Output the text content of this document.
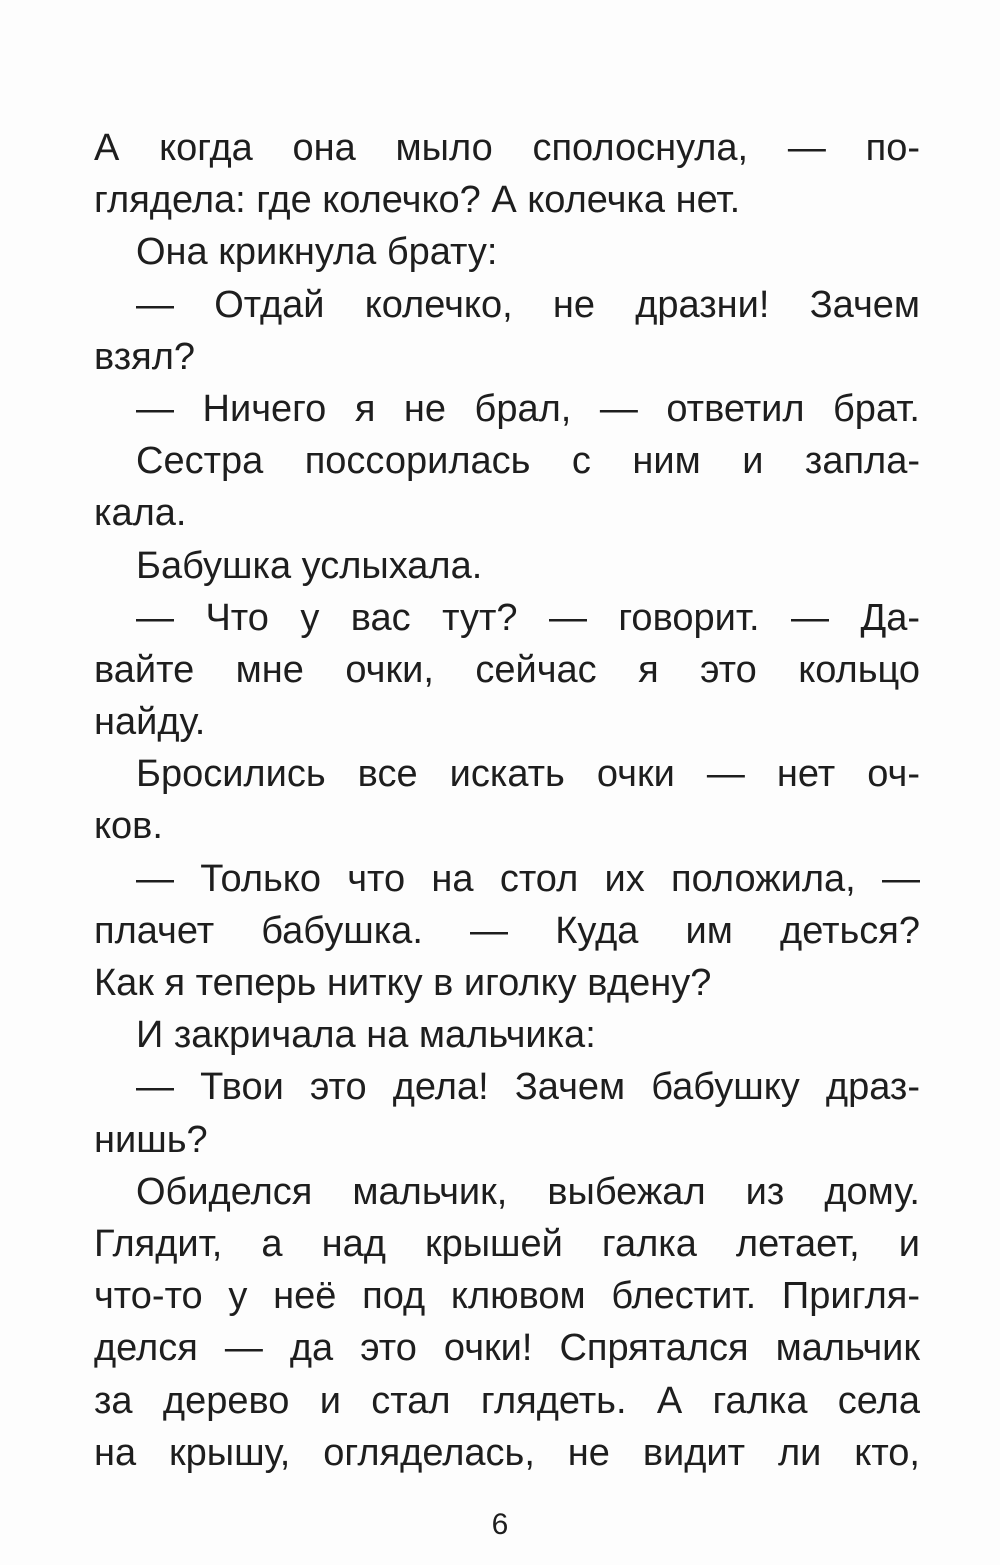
А когда она мыло сполоснула, — по-
глядела: где колечко? А колечка нет.
Она крикнула брату:
— Отдай колечко, не дразни! Зачем
взял?
— Ничего я не брал, — ответил брат.
Сестра поссорилась с ним и запла-
кала.
Бабушка услыхала.
— Что у вас тут? — говорит. — Да-
вайте мне очки, сейчас я это кольцо
найду.
Бросились все искать очки — нет оч-
ков.
— Только что на стол их положила, —
плачет бабушка. — Куда им деться?
Как я теперь нитку в иголку вдену?
И закричала на мальчика:
— Твои это дела! Зачем бабушку драз-
нишь?
Обиделся мальчик, выбежал из дому.
Глядит, а над крышей галка летает, и
что-то у неё под клювом блестит. Пригля-
делся — да это очки! Спрятался мальчик
за дерево и стал глядеть. А галка села
на крышу, огляделась, не видит ли кто,
6
